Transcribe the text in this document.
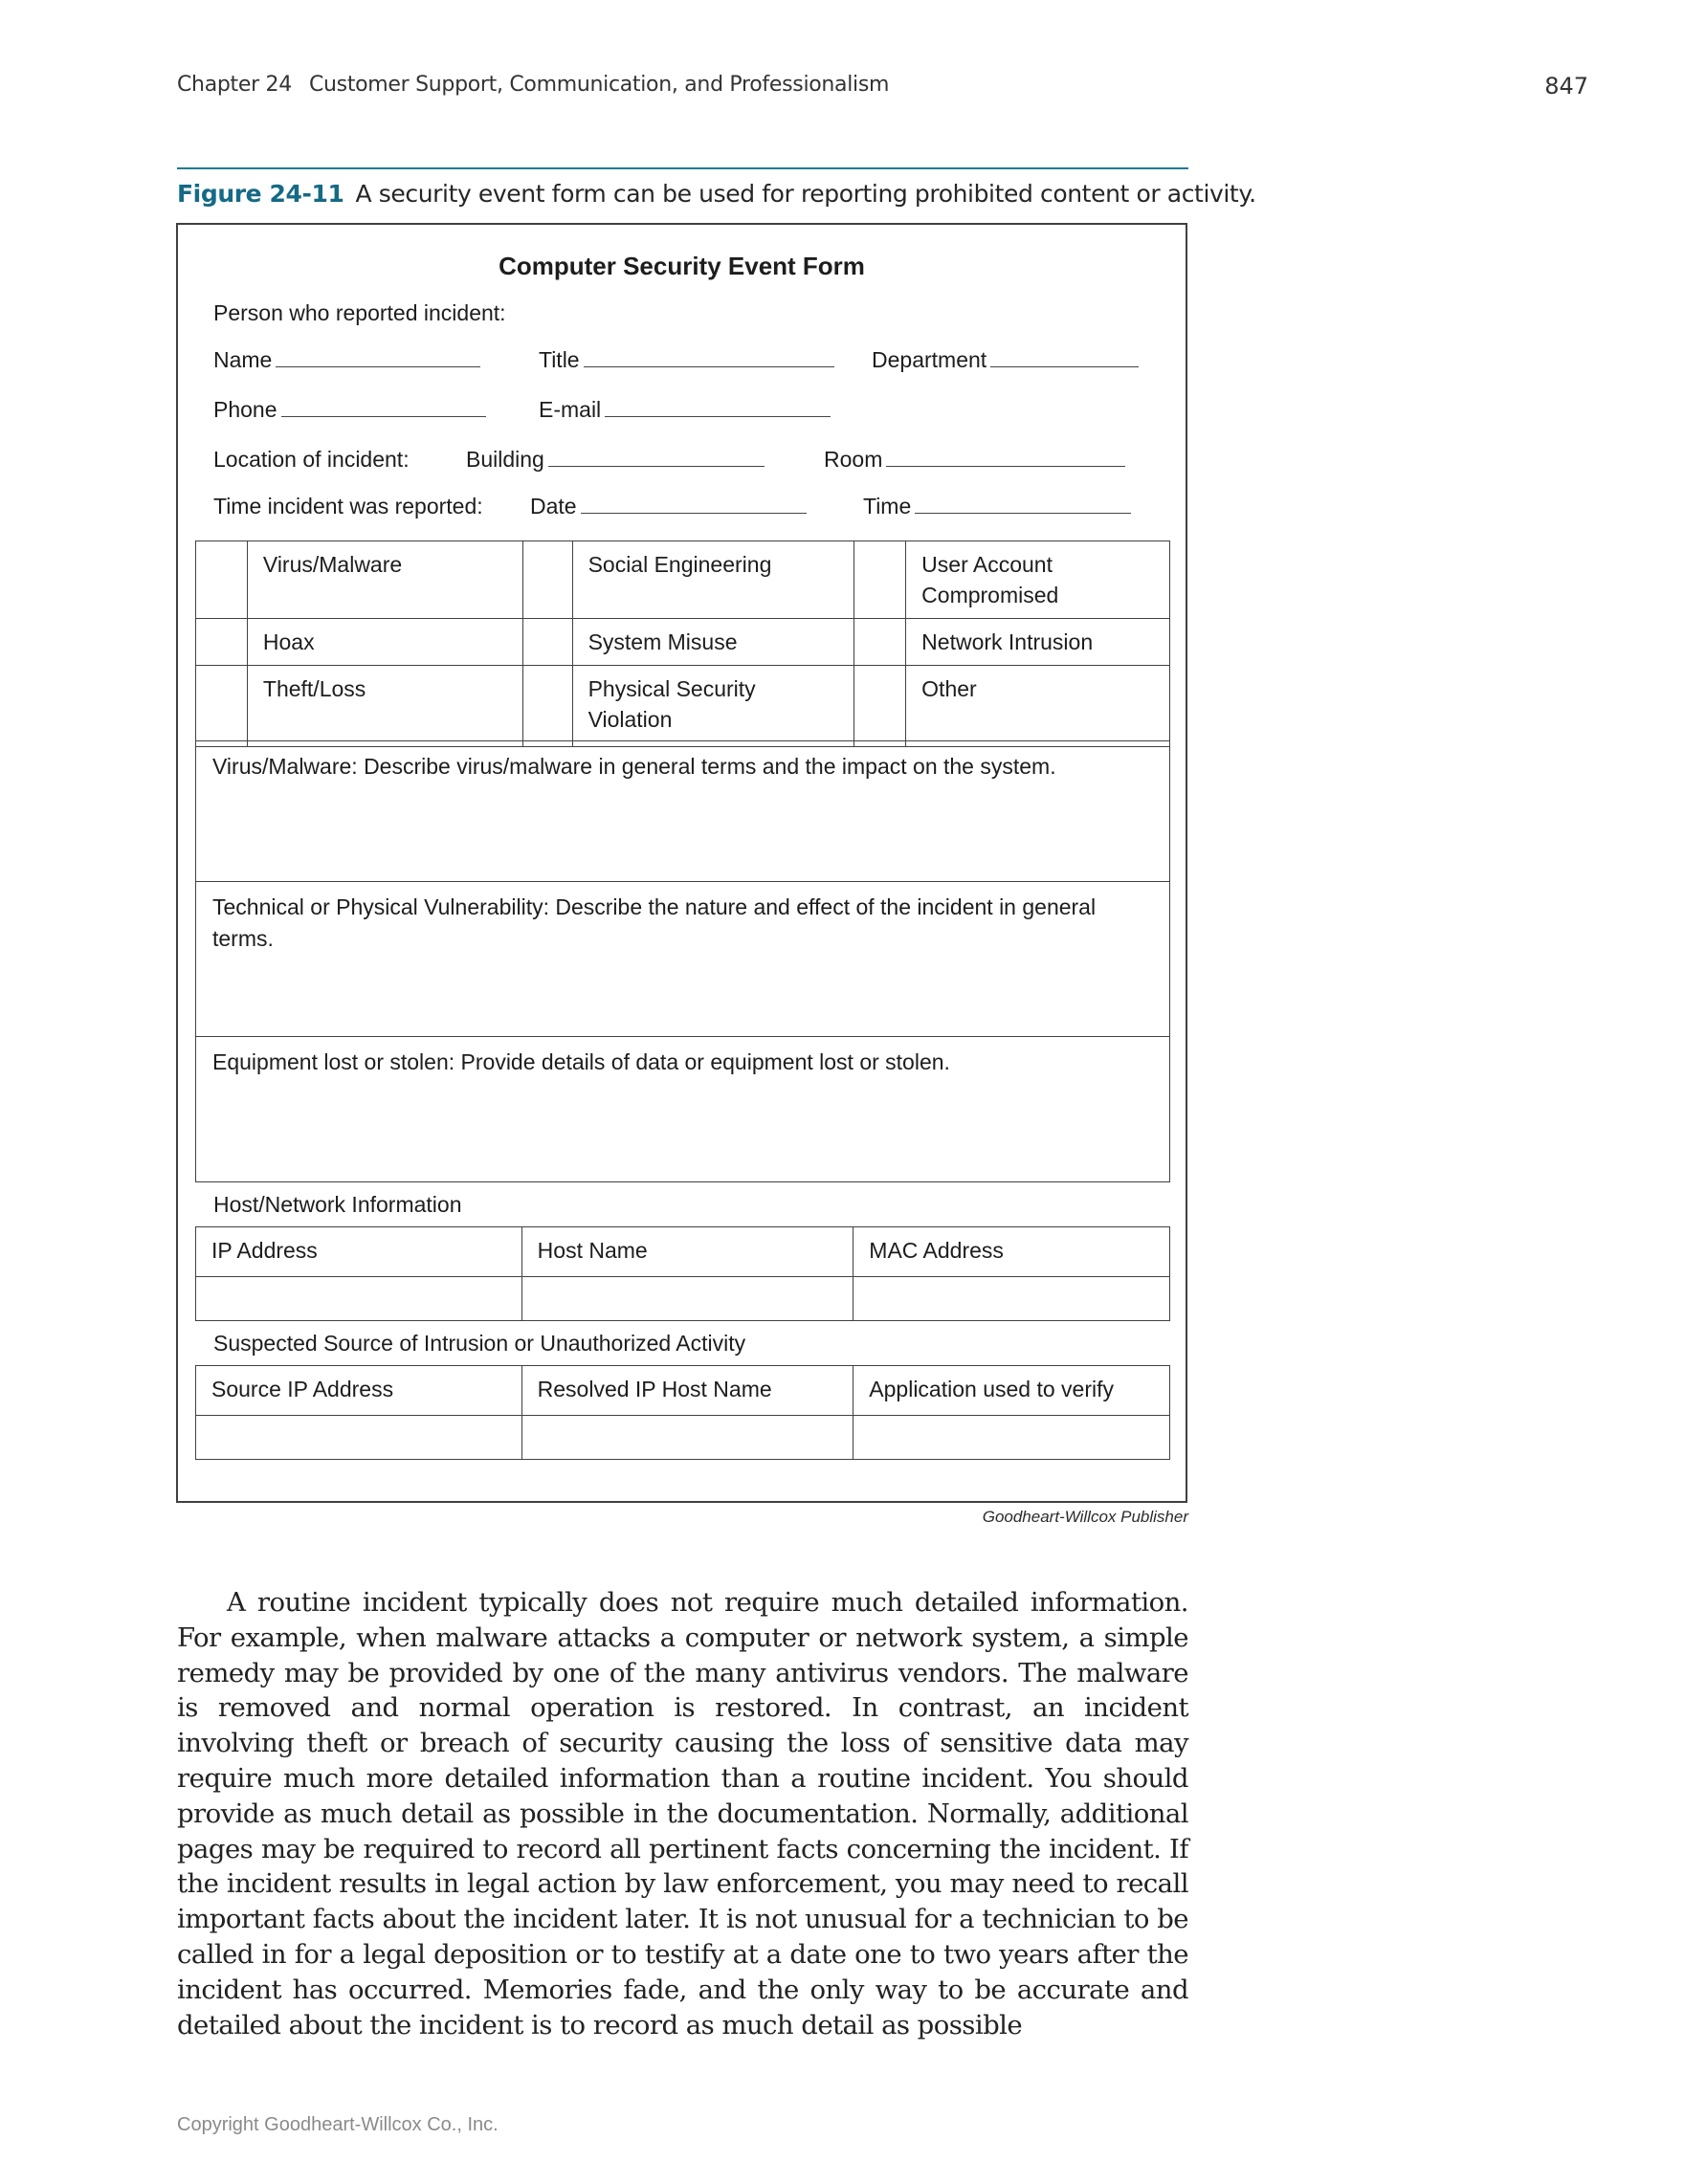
Chapter 24 Customer Support, Communication, and Professionalism	847
Figure 24-11 A security event form can be used for reporting prohibited content or activity.
Computer Security Event Form
Person who reported incident:
Name	Title	Department
Phone	E-mail
Location of incident:	Building	Room
Time incident was reported: Date	Time
	Virus/Malware		Social Engineering		User Account Compromised
	Hoax		System Misuse		Network Intrusion
	Theft/Loss		Physical Security Violation		Other
Virus/Malware: Describe virus/malware in general terms and the impact on the system.
Technical or Physical Vulnerability: Describe the nature and effect of the incident in general terms.
Equipment lost or stolen: Provide details of data or equipment lost or stolen.
Host/Network Information
IP Address	Host Name	MAC Address

Suspected Source of Intrusion or Unauthorized Activity
Source IP Address	Resolved IP Host Name	Application used to verify

Goodheart-Willcox Publisher

A routine incident typically does not require much detailed information. For example, when malware attacks a computer or network system, a simple remedy may be provided by one of the many antivirus vendors. The malware is removed and normal operation is restored. In contrast, an incident involving theft or breach of security causing the loss of sensitive data may require much more detailed information than a routine incident. You should provide as much detail as possible in the documentation. Normally, additional pages may be required to record all pertinent facts concerning the incident. If the incident results in legal action by law enforcement, you may need to recall important facts about the incident later. It is not unusual for a technician to be called in for a legal deposition or to testify at a date one to two years after the incident has occurred. Memories fade, and the only way to be accurate and detailed about the incident is to record as much detail as possible

Copyright Goodheart-Willcox Co., Inc.
